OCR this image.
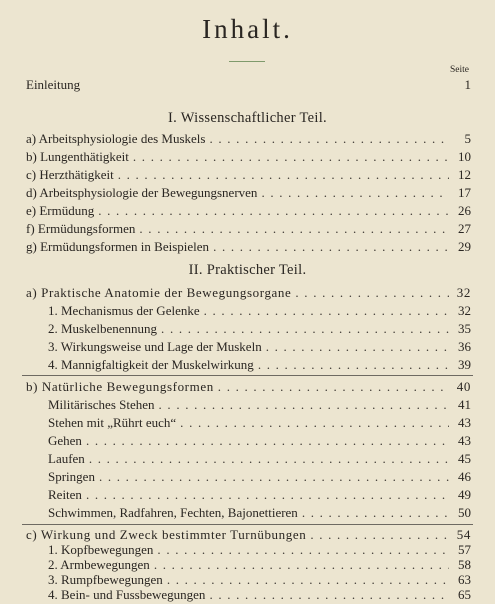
Inhalt.
Seite
Einleitung	1
I. Wissenschaftlicher Teil.
a) Arbeitsphysiologie des Muskels . . .	5
b) Lungenthätigkeit . . .	10
c) Herzthätigkeit . . .	12
d) Arbeitsphysiologie der Bewegungsnerven . . .	17
e) Ermüdung . . .	26
f) Ermüdungsformen . . .	27
g) Ermüdungsformen in Beispielen . . .	29
II. Praktischer Teil.
a) Praktische Anatomie der Bewegungsorgane . . .	32
1. Mechanismus der Gelenke . . .	32
2. Muskelbenennung . . .	35
3. Wirkungsweise und Lage der Muskeln . . .	36
4. Mannigfaltigkeit der Muskelwirkung . . .	39
b) Natürliche Bewegungsformen . . .	40
Militärisches Stehen . . .	41
Stehen mit „Rührt euch“ . . .	43
Gehen . . .	43
Laufen . . .	45
Springen . . .	46
Reiten . . .	49
Schwimmen, Radfahren, Fechten, Bajonettieren . . .	50
c) Wirkung und Zweck bestimmter Turnübungen . . .	54
1. Kopfbewegungen . . .	57
2. Armbewegungen . . .	58
3. Rumpfbewegungen . . .	63
4. Bein- und Fussbewegungen . . .	65
